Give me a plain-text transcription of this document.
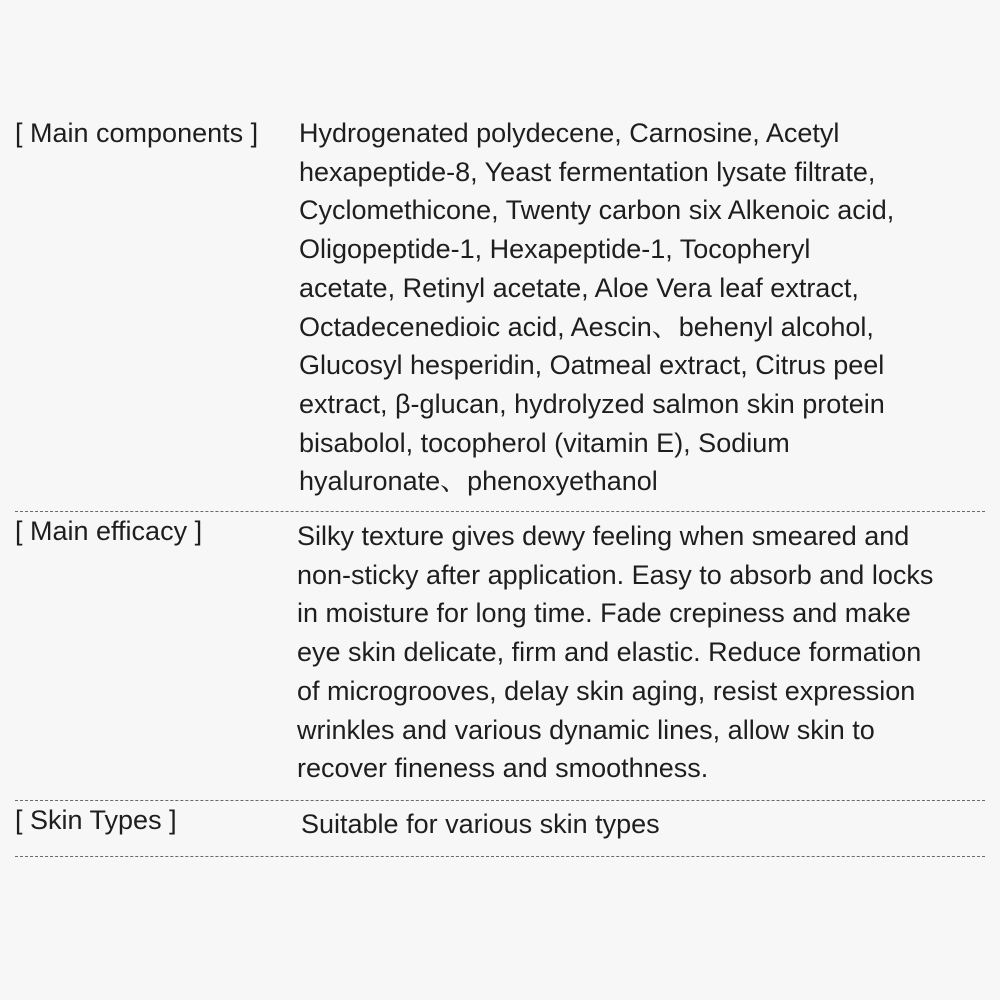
[ Main components ] Hydrogenated polydecene, Carnosine, Acetyl
hexapeptide-8, Yeast fermentation lysate filtrate,
Cyclomethicone, Twenty carbon six Alkenoic acid,
Oligopeptide-1, Hexapeptide-1, Tocopheryl
acetate, Retinyl acetate, Aloe Vera leaf extract,
Octadecenedioic acid, Aescin、behenyl alcohol,
Glucosyl hesperidin, Oatmeal extract, Citrus peel
extract, β-glucan, hydrolyzed salmon skin protein
bisabolol, tocopherol (vitamin E), Sodium
hyaluronate、phenoxyethanol
[ Main efficacy ]	Silky texture gives dewy feeling when smeared and
non-sticky after application. Easy to absorb and locks
in moisture for long time. Fade crepiness and make
eye skin delicate, firm and elastic. Reduce formation
of microgrooves, delay skin aging, resist expression
wrinkles and various dynamic lines, allow skin to
recover fineness and smoothness.
[ Skin Types ]	Suitable for various skin types
